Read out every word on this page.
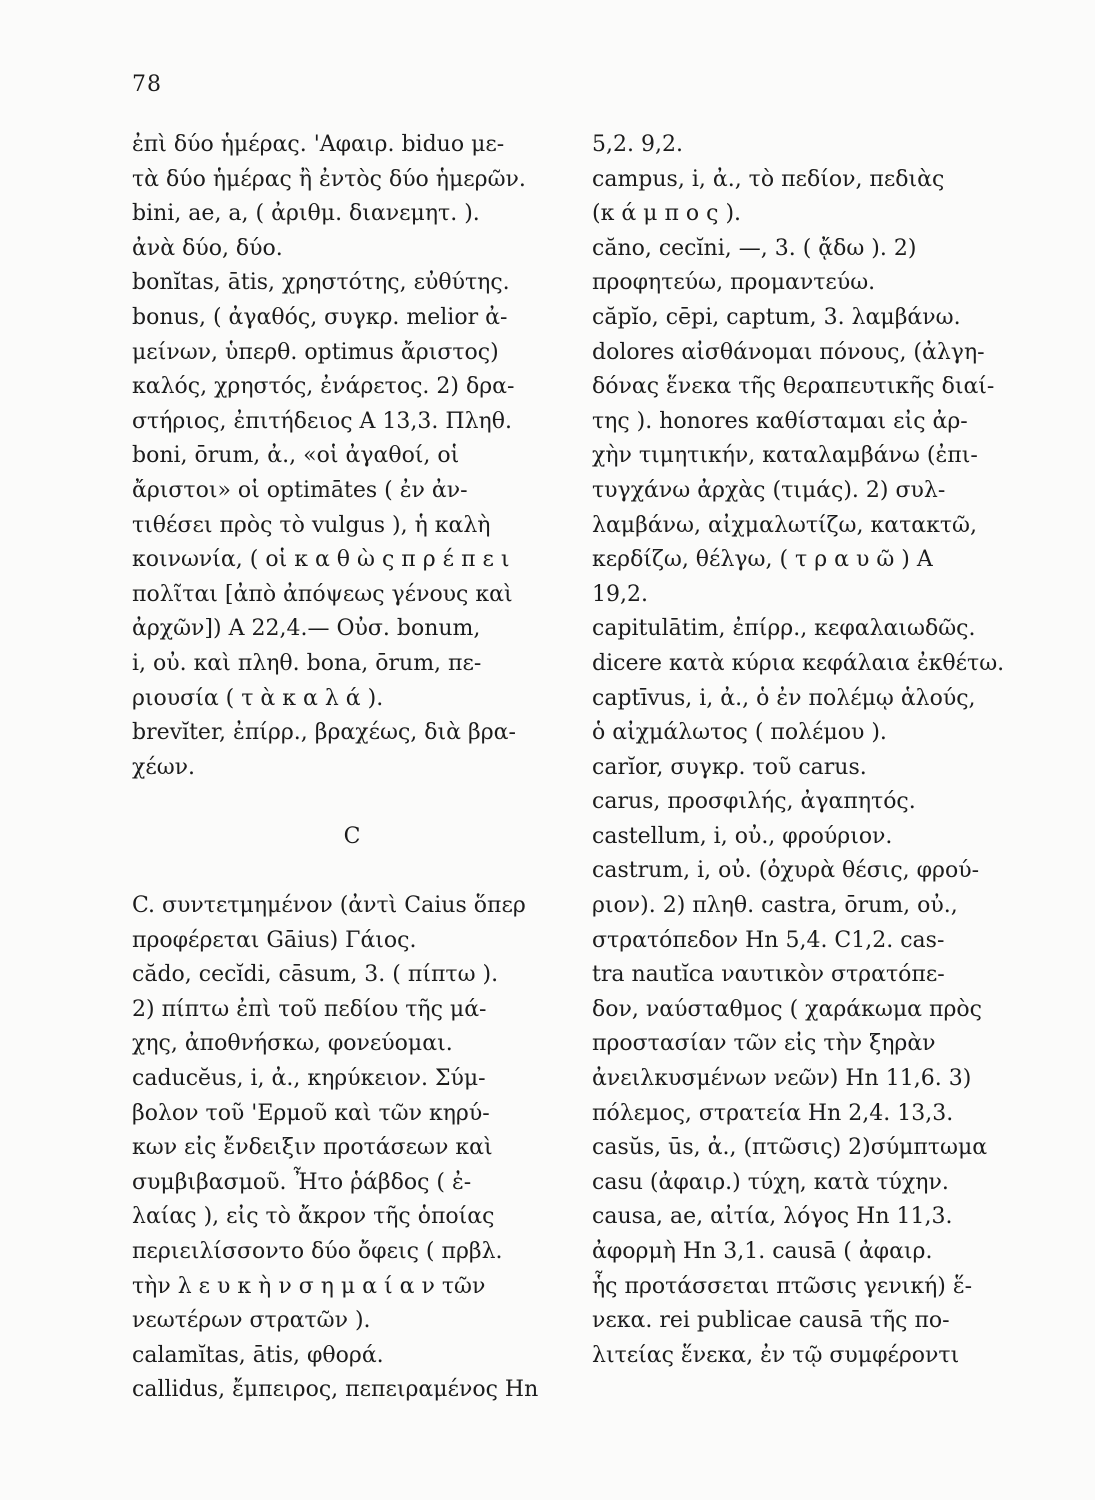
78
ἐπὶ δύο ἡμέρας. 'Αφαιρ. biduo με-
τὰ δύο ἡμέρας ἢ ἐντὸς δύο ἡμερῶν.
bini, ae, a, ( ἀριθμ. διανεμητ. ).
ἀνὰ δύο, δύο.
bonĭtas, ātis, χρηστότης, εὐθύτης.
bonus, ( ἀγαθός, συγκρ. melior ἀ-
μείνων, ὑπερθ. optimus ἄριστος)
καλός, χρηστός, ἐνάρετος. 2) δρα-
στήριος, ἐπιτήδειος Α 13,3. Πληθ.
boni, ōrum, ἀ., «οἱ ἀγαθοί, οἱ
ἄριστοι» οἱ optimātes ( ἐν ἀν-
τιθέσει πρὸς τὸ vulgus ), ἡ καλὴ
κοινωνία, ( οἱ κ α θ ὼ ς π ρ έ π ε ι
πολῖται [ἀπὸ ἀπόψεως γένους καὶ
ἀρχῶν]) Α 22,4.— Οὐσ. bonum,
i, οὐ. καὶ πληθ. bona, ōrum, πε-
ριουσία ( τ ὰ κ α λ ά ).
brevĭter, ἐπίρρ., βραχέως, διὰ βρα-
χέων.
C
C. συντετμημένον (ἀντὶ Caius ὅπερ
προφέρεται Gāius) Γάιος.
cădo, cecĭdi, cāsum, 3. ( πίπτω ).
2) πίπτω ἐπὶ τοῦ πεδίου τῆς μά-
χης, ἀποθνήσκω, φονεύομαι.
caducĕus, i, ἀ., κηρύκειον. Σύμ-
βολον τοῦ 'Ερμοῦ καὶ τῶν κηρύ-
κων εἰς ἔνδειξιν προτάσεων καὶ
συμβιβασμοῦ. Ἦτο ῥάβδος ( ἐ-
λαίας ), εἰς τὸ ἄκρον τῆς ὁποίας
περιειλίσσοντο δύο ὄφεις ( πρβλ.
τὴν λ ε υ κ ὴ ν σ η μ α ί α ν τῶν
νεωτέρων στρατῶν ).
calamĭtas, ātis, φθορά.
callidus, ἔμπειρος, πεπειραμένος Hn
5,2. 9,2.
campus, i, ἀ., τὸ πεδίον, πεδιὰς
(κ ά μ π ο ς ).
căno, cecĭni, —, 3. ( ᾄδω ). 2)
προφητεύω, προμαντεύω.
căpĭo, cēpi, captum, 3. λαμβάνω.
dolores αἰσθάνομαι πόνους, (ἀλγη-
δόνας ἕνεκα τῆς θεραπευτικῆς διαί-
της ). honores καθίσταμαι εἰς ἀρ-
χὴν τιμητικήν, καταλαμβάνω (ἐπι-
τυγχάνω ἀρχὰς (τιμάς). 2) συλ-
λαμβάνω, αἰχμαλωτίζω, κατακτῶ,
κερδίζω, θέλγω, ( τ ρ α υ ῶ ) Α
19,2.
capitulātim, ἐπίρρ., κεφαλαιωδῶς.
dicere κατὰ κύρια κεφάλαια ἐκθέτω.
captīvus, i, ἀ., ὁ ἐν πολέμῳ ἁλούς,
ὁ αἰχμάλωτος ( πολέμου ).
carĭor, συγκρ. τοῦ carus.
carus, προσφιλής, ἀγαπητός.
castellum, i, οὐ., φρούριον.
castrum, i, οὐ. (ὀχυρὰ θέσις, φρού-
ριον). 2) πληθ. castra, ōrum, οὐ.,
στρατόπεδον Hn 5,4. C1,2. cas-
tra nautĭca ναυτικὸν στρατόπε-
δον, ναύσταθμος ( χαράκωμα πρὸς
προστασίαν τῶν εἰς τὴν ξηρὰν
ἀνειλκυσμένων νεῶν) Hn 11,6. 3)
πόλεμος, στρατεία Hn 2,4. 13,3.
casŭs, ūs, ἀ., (πτῶσις) 2)σύμπτωμα
casu (ἀφαιρ.) τύχη, κατὰ τύχην.
causa, ae, αἰτία, λόγος Hn 11,3.
ἀφορμὴ Hn 3,1. causā ( ἀφαιρ.
ἧς προτάσσεται πτῶσις γενική) ἕ-
νεκα. rei publicae causā τῆς πο-
λιτείας ἕνεκα, ἐν τῷ συμφέροντι
